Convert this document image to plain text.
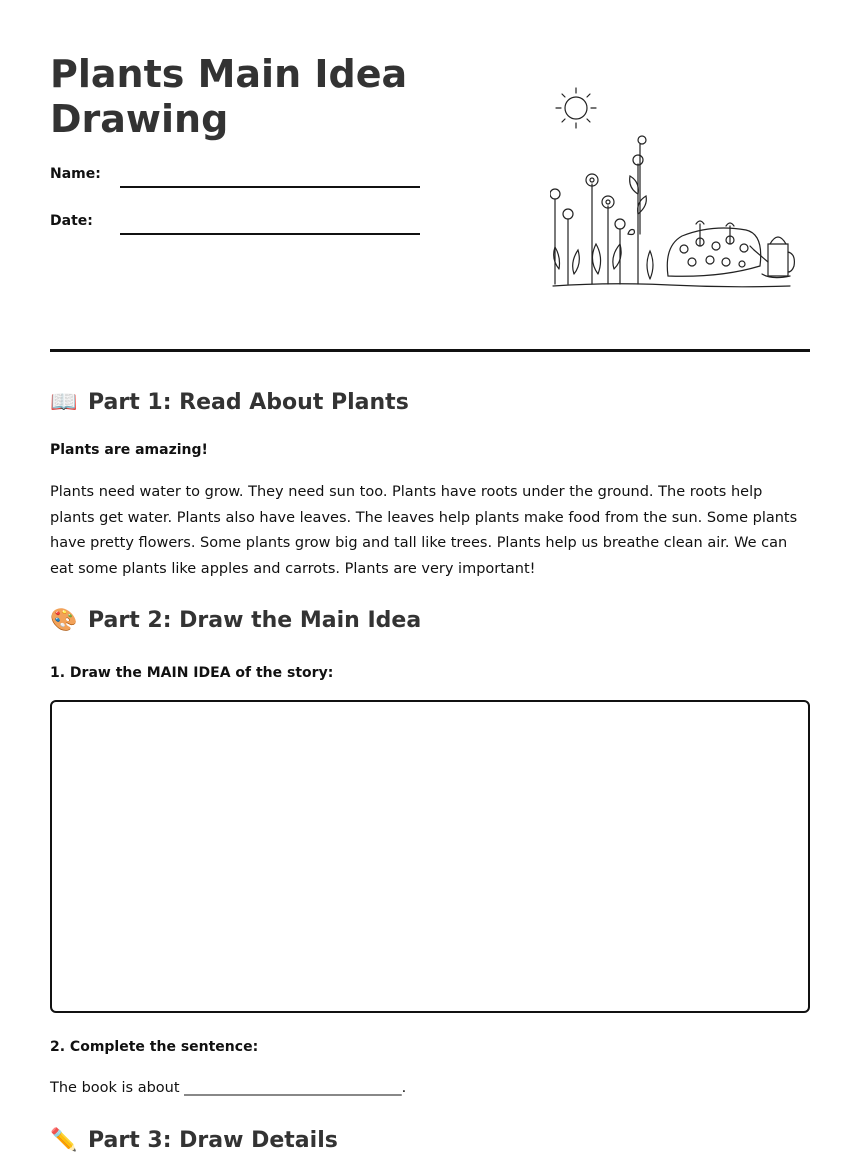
Plants Main Idea Drawing
Name:
Date:
📖 Part 1: Read About Plants

Plants are amazing!

Plants need water to grow. They need sun too. Plants have roots under the ground. The roots help plants get water. Plants also have leaves. The leaves help plants make food from the sun. Some plants have pretty flowers. Some plants grow big and tall like trees. Plants help us breathe clean air. We can eat some plants like apples and carrots. Plants are very important!

🎨 Part 2: Draw the Main Idea

1. Draw the MAIN IDEA of the story:

2. Complete the sentence:

The book is about ______________________________.

✏️ Part 3: Draw Details
